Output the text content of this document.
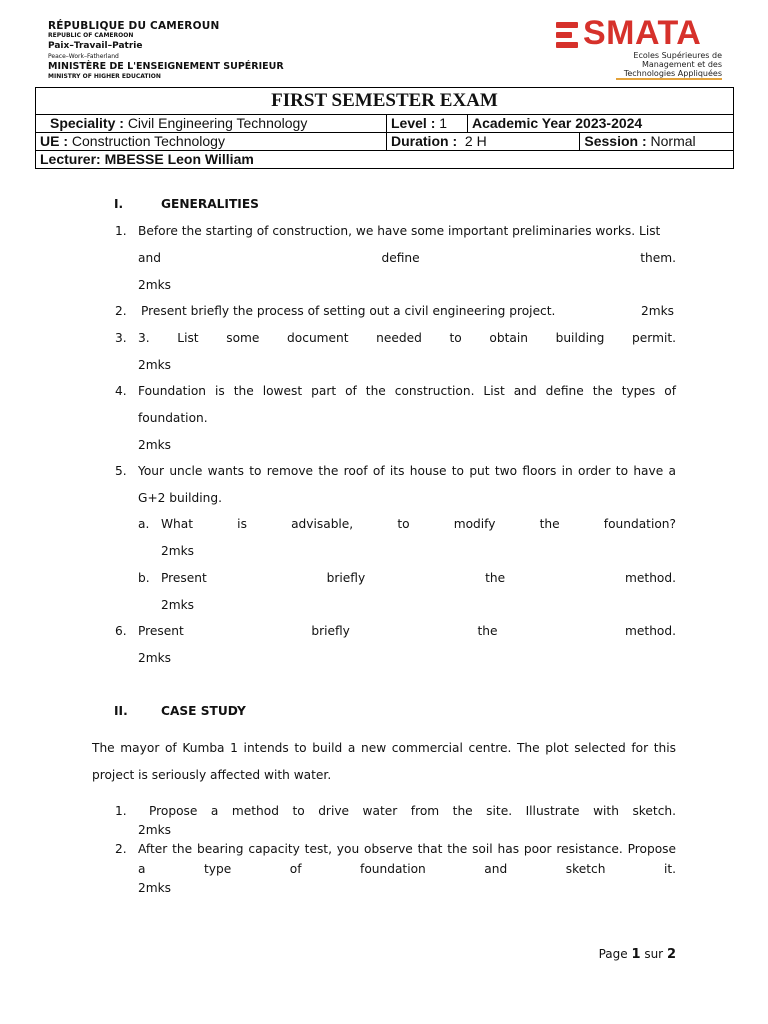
RÉPUBLIQUE DU CAMEROUN
REPUBLIC OF CAMEROON
Paix–Travail–Patrie
Peace–Work–Fatherland
MINISTÈRE DE L'ENSEIGNEMENT SUPÉRIEUR
MINISTRY OF HIGHER EDUCATION
SMATA
Ecoles Supérieures de
Management et des
Technologies Appliquées
FIRST SEMESTER EXAM			
Speciality : Civil Engineering Technology	Level : 1	Academic Year 2023-2024	
UE : Construction Technology	Duration : 2 H		Session : Normal
Lecturer: MBESSE Leon William			
I.	GENERALITIES
1. Before the starting of construction, we have some important preliminaries works. List
and define them.
2mks
2. Present briefly the process of setting out a civil engineering project.	2mks
3. 3. List some document needed to obtain building permit.
2mks
4. Foundation is the lowest part of the construction. List and define the types of
foundation.
2mks
5. Your uncle wants to remove the roof of its house to put two floors in order to have a
G+2 building.
a. What is advisable, to modify the foundation?
2mks
b. Present briefly the method.
2mks
6. Present briefly the method.
2mks
II.	CASE STUDY
The mayor of Kumba 1 intends to build a new commercial centre. The plot selected for this
project is seriously affected with water.
1. Propose a method to drive water from the site. Illustrate with sketch.
2mks
2. After the bearing capacity test, you observe that the soil has poor resistance. Propose
a type of foundation and sketch it.
2mks
Page 1 sur 2
